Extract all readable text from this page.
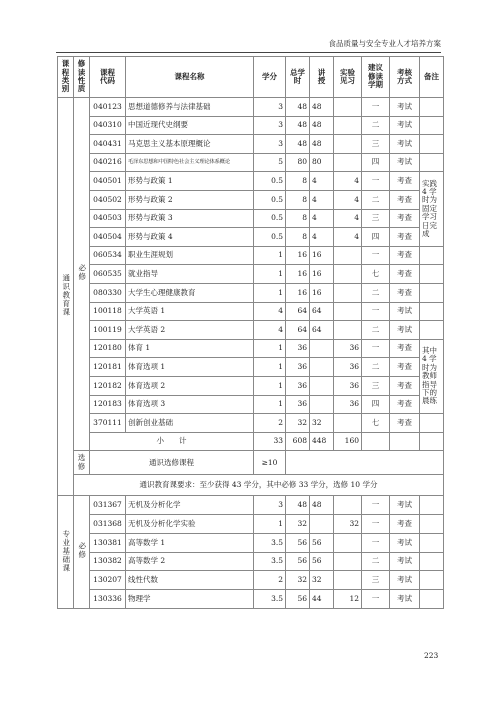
食品质量与安全专业人才培养方案
课程类别	修读性质	课程代码	课程名称	学分	总学时	讲授	实验见习	建议修读学期	考核方式	备注
通识教育课	必修	040123	思想道德修养与法律基础	3	48	48		一	考试	
		040310	中国近现代史纲要	3	48	48		二	考试	
		040431	马克思主义基本原理概论	3	48	48		三	考试	
		040216	毛泽东思想和中国特色社会主义理论体系概论	5	80	80		四	考试	
		040501	形势与政策 1	0.5	8	4	4	一	考查	实践 4 学时为固定学习日完成
		040502	形势与政策 2	0.5	8	4	4	二	考查	
		040503	形势与政策 3	0.5	8	4	4	三	考查	
		040504	形势与政策 4	0.5	8	4	4	四	考查	
		060534	职业生涯规划	1	16	16		一	考查	
		060535	就业指导	1	16	16		七	考查	
		080330	大学生心理健康教育	1	16	16		二	考查	
		100118	大学英语 1	4	64	64		一	考试	
		100119	大学英语 2	4	64	64		二	考试	
		120180	体育 1	1	36		36	一	考查	其中 4 学时为教师指导下的晨练
		120181	体育选项 1	1	36		36	二	考查	
		120182	体育选项 2	1	36		36	三	考查	
		120183	体育选项 3	1	36		36	四	考查	
		370111	创新创业基础	2	32	32		七	考查	
		小　　计		33	608	448	160			
	选修	通识选修课程		≥10						
	通识教育课要求：至少获得 43 学分，其中必修 33 学分，选修 10 学分									
专业基础课	必修	031367	无机及分析化学	3	48	48		一	考试	
		031368	无机及分析化学实验	1	32		32	一	考查	
		130381	高等数学 1	3.5	56	56		一	考试	
		130382	高等数学 2	3.5	56	56		二	考试	
		130207	线性代数	2	32	32		三	考试	
		130336	物理学	3.5	56	44	12	一	考试	
223
